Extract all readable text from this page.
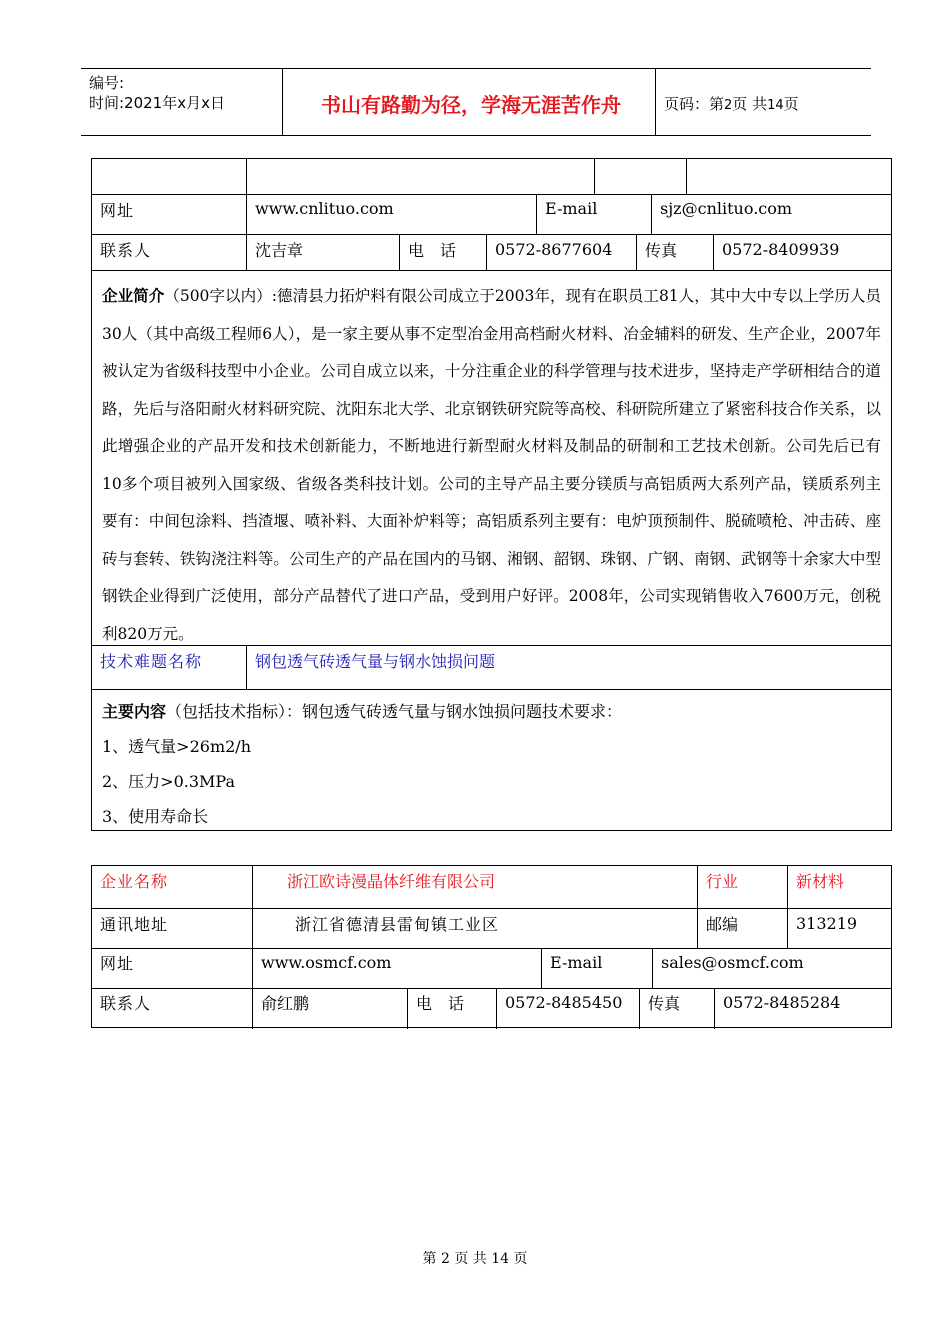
编号:
时间:2021年x月x日	书山有路勤为径，学海无涯苦作舟	页码：第2页 共14页
网址	www.cnlituo.com	E-mail	sjz@cnlituo.com
联系人	沈吉章	电　话	0572-8677604	传真	0572-8409939
企业简介（500字以内）:德清县力拓炉料有限公司成立于2003年，现有在职员工81人，其中大中专以上学历人员30人（其中高级工程师6人），是一家主要从事不定型冶金用高档耐火材料、冶金辅料的研发、生产企业，2007年被认定为省级科技型中小企业。公司自成立以来，十分注重企业的科学管理与技术进步，坚持走产学研相结合的道路，先后与洛阳耐火材料研究院、沈阳东北大学、北京钢铁研究院等高校、科研院所建立了紧密科技合作关系，以此增强企业的产品开发和技术创新能力，不断地进行新型耐火材料及制品的研制和工艺技术创新。公司先后已有10多个项目被列入国家级、省级各类科技计划。公司的主导产品主要分镁质与高铝质两大系列产品，镁质系列主要有：中间包涂料、挡渣堰、喷补料、大面补炉料等；高铝质系列主要有：电炉顶预制件、脱硫喷枪、冲击砖、座砖与套转、铁钩浇注料等。公司生产的产品在国内的马钢、湘钢、韶钢、珠钢、广钢、南钢、武钢等十余家大中型钢铁企业得到广泛使用，部分产品替代了进口产品，受到用户好评。2008年，公司实现销售收入7600万元，创税利820万元。
技术难题名称	钢包透气砖透气量与钢水蚀损问题
主要内容（包括技术指标）：钢包透气砖透气量与钢水蚀损问题技术要求：
1、透气量>26m2/h
2、压力>0.3MPa
3、使用寿命长
企业名称	浙江欧诗漫晶体纤维有限公司	行业	新材料
通讯地址	浙江省德清县雷甸镇工业区	邮编	313219
网址	www.osmcf.com	E-mail	sales@osmcf.com
联系人	俞红鹏	电　话	0572-8485450	传真	0572-8485284
第 2 页 共 14 页
